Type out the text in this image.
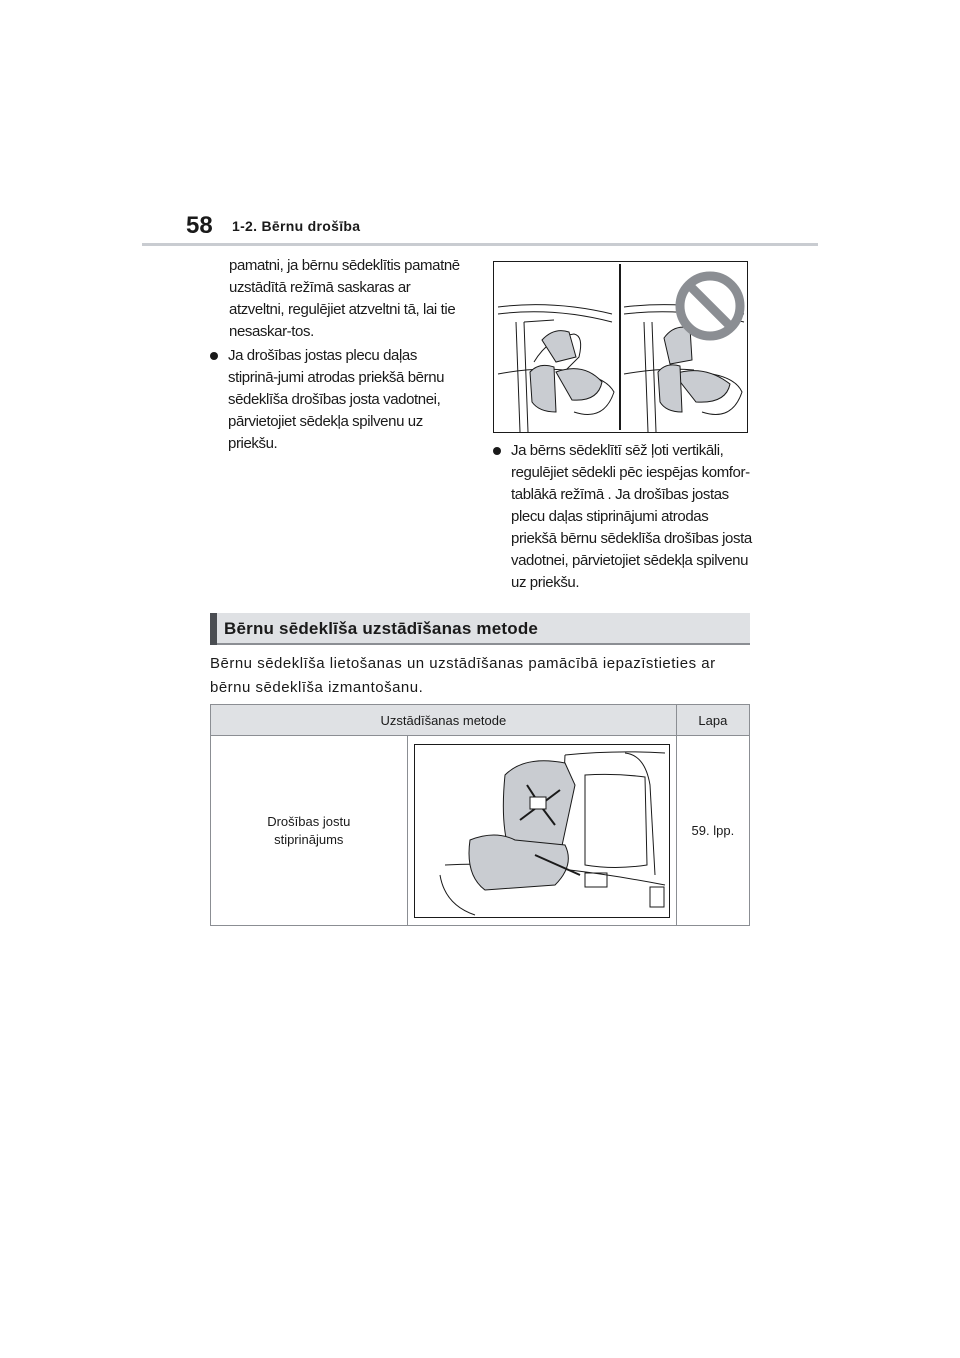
58 1-2. Bērnu drošība
pamatni, ja bērnu sēdeklītis pamatnē uzstādītā režīmā saskaras ar atzveltni, regulējiet atzveltni tā, lai tie nesaskar-tos.
Ja drošības jostas plecu daļas stiprinā-jumi atrodas priekšā bērnu sēdeklīša drošības josta vadotnei, pārvietojiet sēdekļa spilvenu uz priekšu.	Ja bērns sēdeklītī sēž ļoti vertikāli, regulējiet sēdekli pēc iespējas komfor-tablākā režīmā . Ja drošības jostas plecu daļas stiprinājumi atrodas priekšā bērnu sēdeklīša drošības josta vadotnei, pārvietojiet sēdekļa spilvenu uz priekšu.
Bērnu sēdeklīša uzstādīšanas metode
Bērnu sēdeklīša lietošanas un uzstādīšanas pamācībā iepazīstieties ar bērnu sēdeklīša izmantošanu.
Uzstādīšanas metode		Lapa
Drošības jostu stiprinājums		59. lpp.
